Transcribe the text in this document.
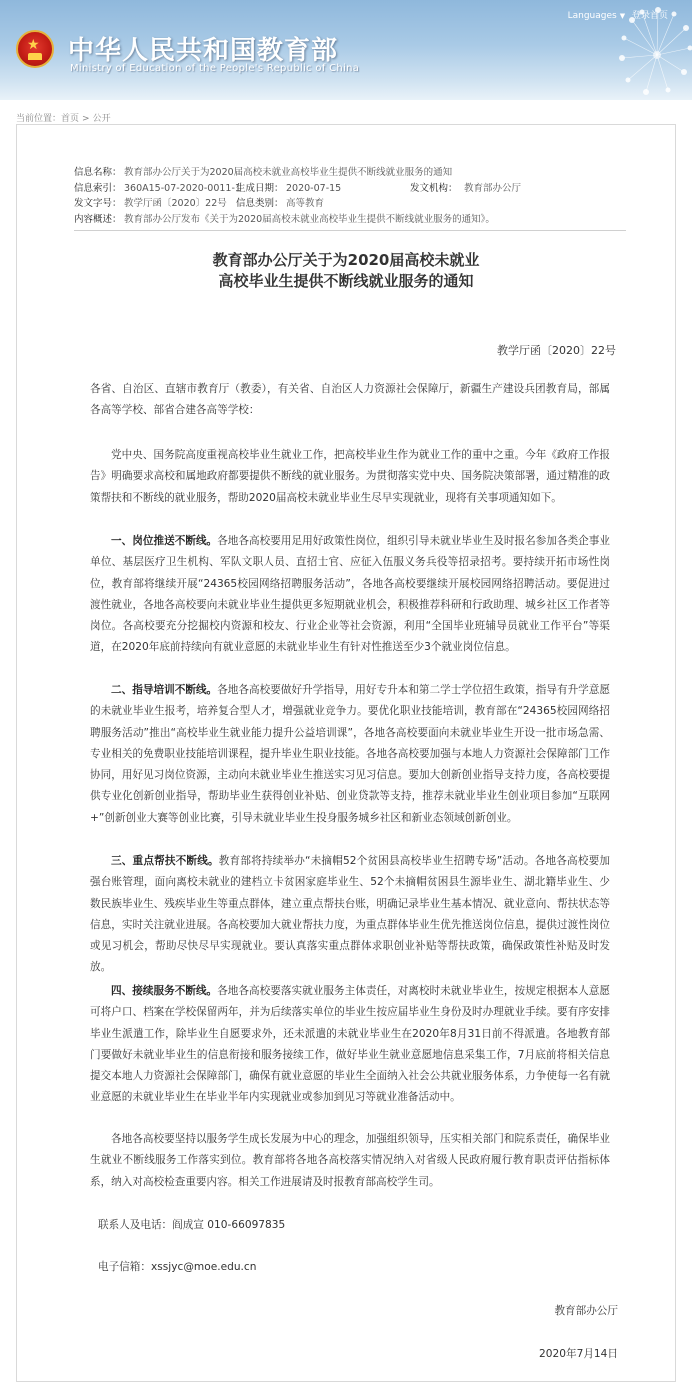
★ 中华人民共和国教育部
Ministry of Education of the People's Republic of China
Languages ▼ 登录首页
当前位置：首页 > 公开
信息名称： 教育部办公厅关于为2020届高校未就业高校毕业生提供不断线就业服务的通知
信息索引： 360A15-07-2020-0011-1
生成日期： 2020-07-15	发文机构： 教育部办公厅
发文字号： 教学厅函〔2020〕22号 信息类别： 高等教育
内容概述： 教育部办公厅发布《关于为2020届高校未就业高校毕业生提供不断线就业服务的通知》。
教育部办公厅关于为2020届高校未就业
高校毕业生提供不断线就业服务的通知
教学厅函〔2020〕22号
各省、自治区、直辖市教育厅（教委），有关省、自治区人力资源社会保障厅，新疆生产建设兵团教育局，部属各高等学校、部省合建各高等学校：
党中央、国务院高度重视高校毕业生就业工作，把高校毕业生作为就业工作的重中之重。今年《政府工作报告》明确要求高校和属地政府都要提供不断线的就业服务。为贯彻落实党中央、国务院决策部署，通过精准的政策帮扶和不断线的就业服务，帮助2020届高校未就业毕业生尽早实现就业，现将有关事项通知如下。
一、岗位推送不断线。各地各高校要用足用好政策性岗位，组织引导未就业毕业生及时报名参加各类企事业单位、基层医疗卫生机构、军队文职人员、直招士官、应征入伍服义务兵役等招录招考。要持续开拓市场性岗位，教育部将继续开展“24365校园网络招聘服务活动”，各地各高校要继续开展校园网络招聘活动。要促进过渡性就业，各地各高校要向未就业毕业生提供更多短期就业机会，积极推荐科研和行政助理、城乡社区工作者等岗位。各高校要充分挖掘校内资源和校友、行业企业等社会资源，利用“全国毕业班辅导员就业工作平台”等渠道，在2020年底前持续向有就业意愿的未就业毕业生有针对性推送至少3个就业岗位信息。
二、指导培训不断线。各地各高校要做好升学指导，用好专升本和第二学士学位招生政策，指导有升学意愿的未就业毕业生报考，培养复合型人才，增强就业竞争力。要优化职业技能培训，教育部在“24365校园网络招聘服务活动”推出“高校毕业生就业能力提升公益培训课”，各地各高校要面向未就业毕业生开设一批市场急需、专业相关的免费职业技能培训课程，提升毕业生职业技能。各地各高校要加强与本地人力资源社会保障部门工作协同，用好见习岗位资源，主动向未就业毕业生推送实习见习信息。要加大创新创业指导支持力度，各高校要提供专业化创新创业指导，帮助毕业生获得创业补贴、创业贷款等支持，推荐未就业毕业生创业项目参加“互联网+”创新创业大赛等创业比赛，引导未就业毕业生投身服务城乡社区和新业态领域创新创业。
三、重点帮扶不断线。教育部将持续举办“未摘帽52个贫困县高校毕业生招聘专场”活动。各地各高校要加强台账管理，面向离校未就业的建档立卡贫困家庭毕业生、52个未摘帽贫困县生源毕业生、湖北籍毕业生、少数民族毕业生、残疾毕业生等重点群体，建立重点帮扶台账，明确记录毕业生基本情况、就业意向、帮扶状态等信息，实时关注就业进展。各高校要加大就业帮扶力度，为重点群体毕业生优先推送岗位信息，提供过渡性岗位或见习机会，帮助尽快尽早实现就业。要认真落实重点群体求职创业补贴等帮扶政策，确保政策性补贴及时发放。
四、接续服务不断线。各地各高校要落实就业服务主体责任，对离校时未就业毕业生，按规定根据本人意愿可将户口、档案在学校保留两年，并为后续落实单位的毕业生按应届毕业生身份及时办理就业手续。要有序安排毕业生派遣工作，除毕业生自愿要求外，还未派遣的未就业毕业生在2020年8月31日前不得派遣。各地教育部门要做好未就业毕业生的信息衔接和服务接续工作，做好毕业生就业意愿地信息采集工作，7月底前将相关信息提交本地人力资源社会保障部门，确保有就业意愿的毕业生全面纳入社会公共就业服务体系，力争使每一名有就业意愿的未就业毕业生在毕业半年内实现就业或参加到见习等就业准备活动中。
各地各高校要坚持以服务学生成长发展为中心的理念，加强组织领导，压实相关部门和院系责任，确保毕业生就业不断线服务工作落实到位。教育部将各地各高校落实情况纳入对省级人民政府履行教育职责评估指标体系，纳入对高校检查重要内容。相关工作进展请及时报教育部高校学生司。
联系人及电话：阎成宣 010-66097835
电子信箱：xssjyc@moe.edu.cn
教育部办公厅
2020年7月14日
